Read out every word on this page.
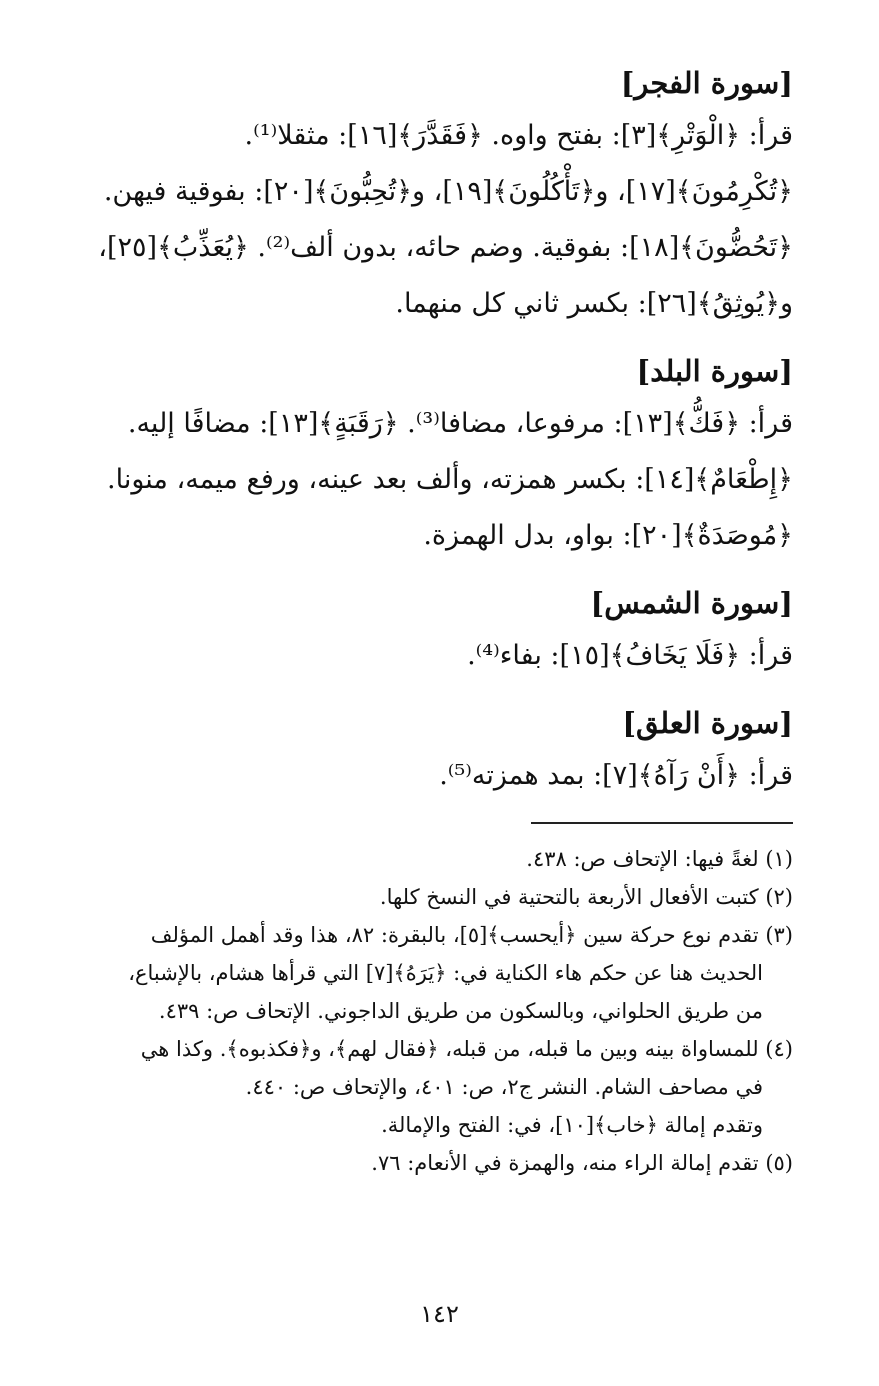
[سورة الفجر]

قرأ: ﴿الْوَتْرِ﴾[٣]: بفتح واوه. ﴿فَقَدَّرَ﴾[١٦]: مثقلا⁽¹⁾.

﴿تُكْرِمُونَ﴾[١٧]، و﴿تَأْكُلُونَ﴾[١٩]، و﴿تُحِبُّونَ﴾[٢٠]: بفوقية فيهن.

﴿تَحُضُّونَ﴾[١٨]: بفوقية. وضم حائه، بدون ألف⁽²⁾. ﴿يُعَذِّبُ﴾[٢٥]،

و﴿يُوثِقُ﴾[٢٦]: بكسر ثاني كل منهما.

[سورة البلد]

قرأ: ﴿فَكُّ﴾[١٣]: مرفوعا، مضافا⁽³⁾. ﴿رَقَبَةٍ﴾[١٣]: مضافًا إليه.

﴿إِطْعَامٌ﴾[١٤]: بكسر همزته، وألف بعد عينه، ورفع ميمه، منونا.

﴿مُوصَدَةٌ﴾[٢٠]: بواو، بدل الهمزة.

[سورة الشمس]

قرأ: ﴿فَلَا يَخَافُ﴾[١٥]: بفاء⁽⁴⁾.

[سورة العلق]

قرأ: ﴿أَنْ رَآهُ﴾[٧]: بمد همزته⁽⁵⁾.

(١) لغةً فيها: الإتحاف ص: ٤٣٨.

(٢) كتبت الأفعال الأربعة بالتحتية في النسخ كلها.

(٣) تقدم نوع حركة سين ﴿أيحسب﴾[٥]، بالبقرة: ٨٢، هذا وقد أهمل المؤلف

الحديث هنا عن حكم هاء الكناية في: ﴿يَرَهُ﴾[٧] التي قرأها هشام، بالإشباع،

من طريق الحلواني، وبالسكون من طريق الداجوني. الإتحاف ص: ٤٣٩.

(٤) للمساواة بينه وبين ما قبله، من قبله، ﴿فقال لهم﴾، و﴿فكذبوه﴾. وكذا هي

في مصاحف الشام. النشر ج٢، ص: ٤٠١، والإتحاف ص: ٤٤٠.

وتقدم إمالة ﴿خاب﴾[١٠]، في: الفتح والإمالة.

(٥) تقدم إمالة الراء منه، والهمزة في الأنعام: ٧٦.

١٤٢
